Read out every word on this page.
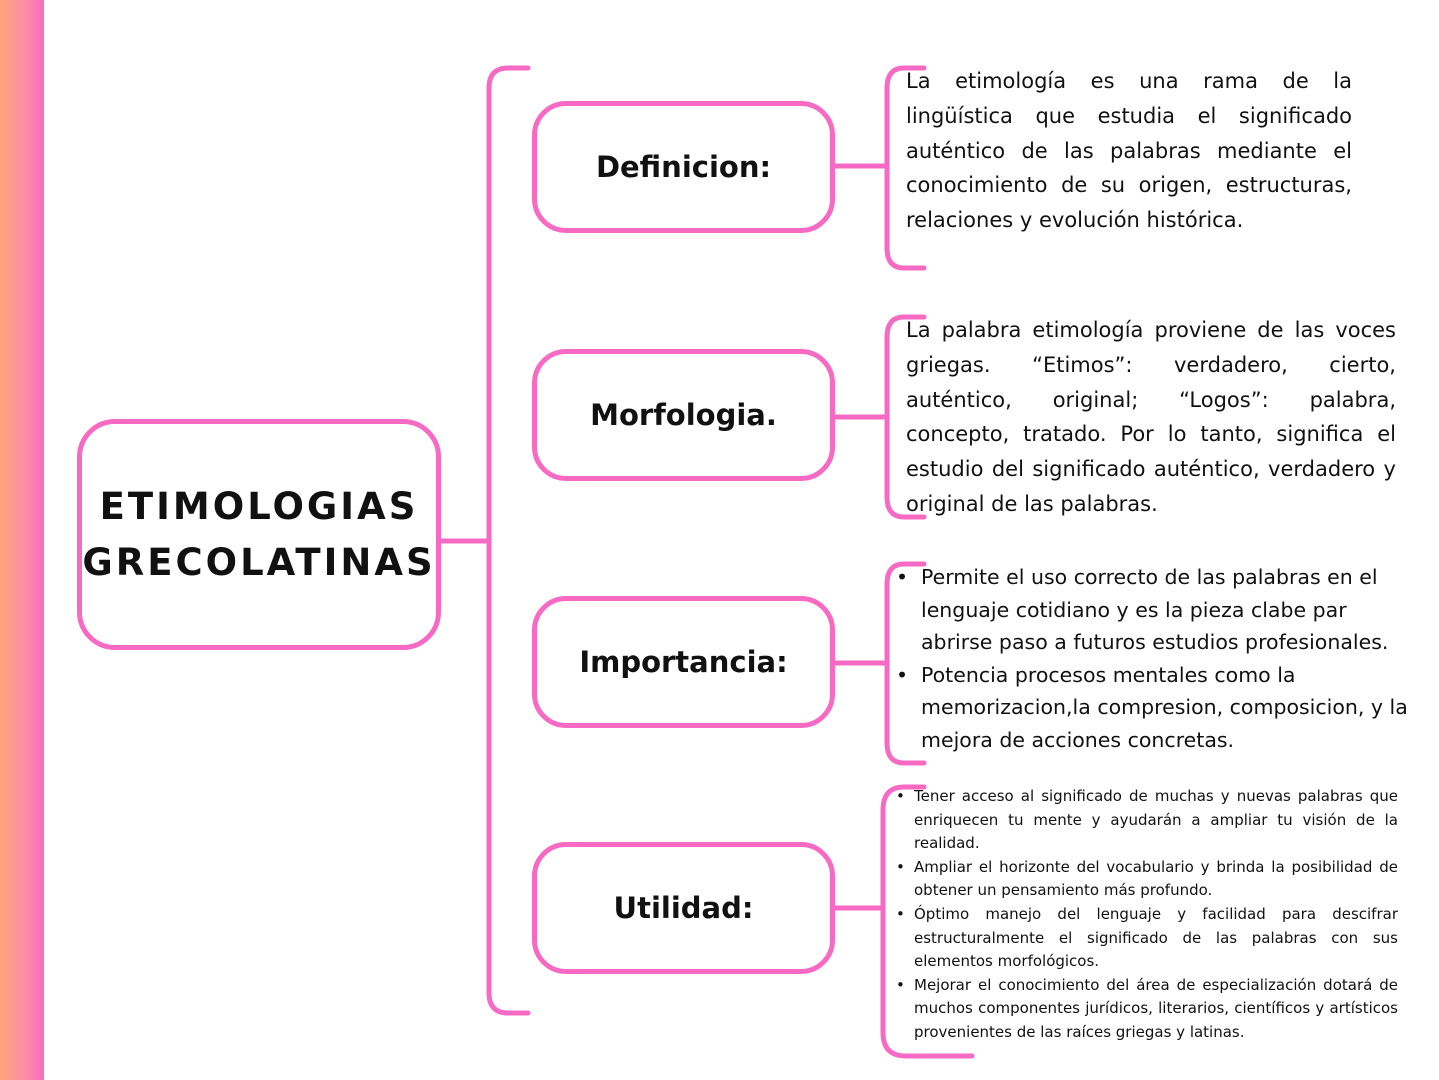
ETIMOLOGIAS
GRECOLATINAS
Definicion:
Morfologia.
Importancia:
Utilidad:

La etimología es una rama de la lingüística que estudia el significado auténtico de las palabras mediante el conocimiento de su origen, estructuras, relaciones y evolución histórica.

La palabra etimología proviene de las voces griegas. “Etimos”: verdadero, cierto, auténtico, original; “Logos”: palabra, concepto, tratado. Por lo tanto, significa el estudio del significado auténtico, verdadero y original de las palabras.

• Permite el uso correcto de las palabras en el lenguaje cotidiano y es la pieza clabe par abrirse paso a futuros estudios profesionales.
• Potencia procesos mentales como la memorizacion,la compresion, composicion, y la mejora de acciones concretas.
• Tener acceso al significado de muchas y nuevas palabras que enriquecen tu mente y ayudarán a ampliar tu visión de la realidad.
• Ampliar el horizonte del vocabulario y brinda la posibilidad de obtener un pensamiento más profundo.
• Óptimo manejo del lenguaje y facilidad para descifrar estructuralmente el significado de las palabras con sus elementos morfológicos.
• Mejorar el conocimiento del área de especialización dotará de muchos componentes jurídicos, literarios, científicos y artísticos provenientes de las raíces griegas y latinas.
